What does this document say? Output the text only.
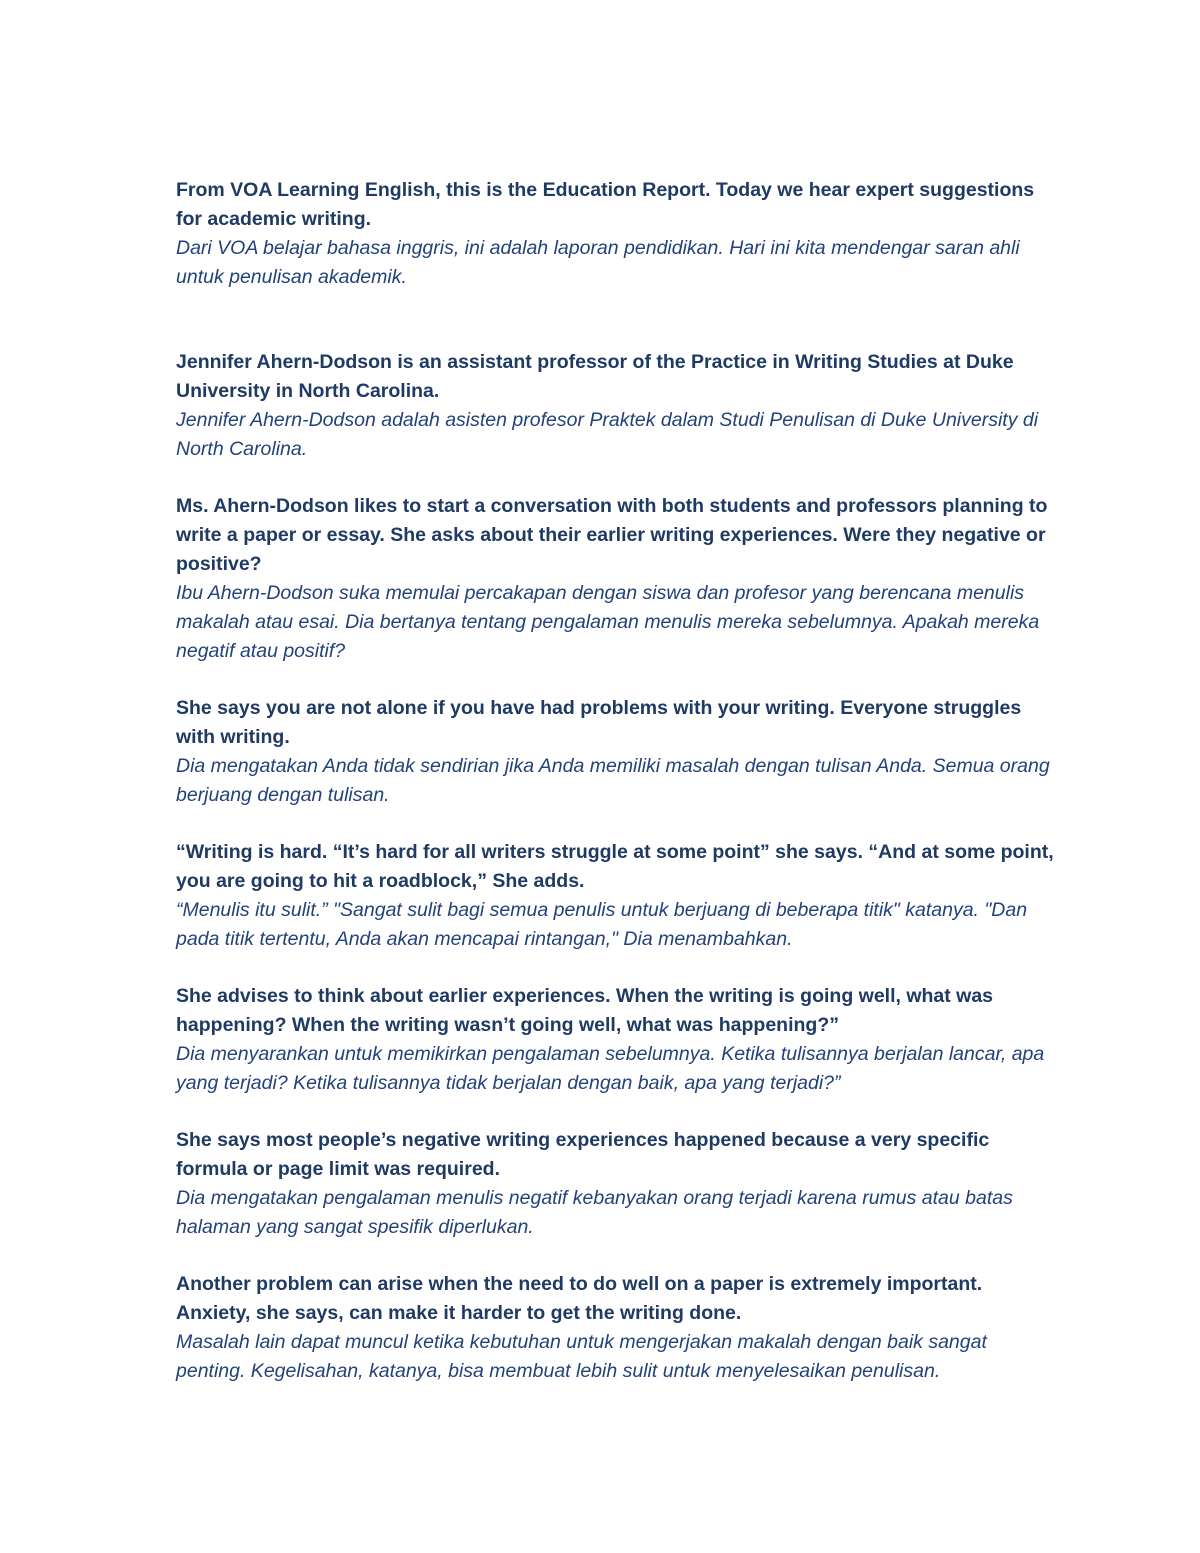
From VOA Learning English, this is the Education Report. Today we hear expert suggestions for academic writing.

Dari VOA belajar bahasa inggris, ini adalah laporan pendidikan. Hari ini kita mendengar saran ahli untuk penulisan akademik.

Jennifer Ahern-Dodson is an assistant professor of the Practice in Writing Studies at Duke University in North Carolina.

Jennifer Ahern-Dodson adalah asisten profesor Praktek dalam Studi Penulisan di Duke University di North Carolina.

Ms. Ahern-Dodson likes to start a conversation with both students and professors planning to write a paper or essay. She asks about their earlier writing experiences. Were they negative or positive?

Ibu Ahern-Dodson suka memulai percakapan dengan siswa dan profesor yang berencana menulis makalah atau esai. Dia bertanya tentang pengalaman menulis mereka sebelumnya. Apakah mereka negatif atau positif?

She says you are not alone if you have had problems with your writing. Everyone struggles with writing.

Dia mengatakan Anda tidak sendirian jika Anda memiliki masalah dengan tulisan Anda. Semua orang berjuang dengan tulisan.

“Writing is hard. “It’s hard for all writers struggle at some point” she says. “And at some point, you are going to hit a roadblock,” She adds.

“Menulis itu sulit.” "Sangat sulit bagi semua penulis untuk berjuang di beberapa titik" katanya. "Dan pada titik tertentu, Anda akan mencapai rintangan," Dia menambahkan.

She advises to think about earlier experiences. When the writing is going well, what was happening? When the writing wasn’t going well, what was happening?”

Dia menyarankan untuk memikirkan pengalaman sebelumnya. Ketika tulisannya berjalan lancar, apa yang terjadi? Ketika tulisannya tidak berjalan dengan baik, apa yang terjadi?”

She says most people’s negative writing experiences happened because a very specific formula or page limit was required.

Dia mengatakan pengalaman menulis negatif kebanyakan orang terjadi karena rumus atau batas halaman yang sangat spesifik diperlukan.

Another problem can arise when the need to do well on a paper is extremely important. Anxiety, she says, can make it harder to get the writing done.

Masalah lain dapat muncul ketika kebutuhan untuk mengerjakan makalah dengan baik sangat penting. Kegelisahan, katanya, bisa membuat lebih sulit untuk menyelesaikan penulisan.
